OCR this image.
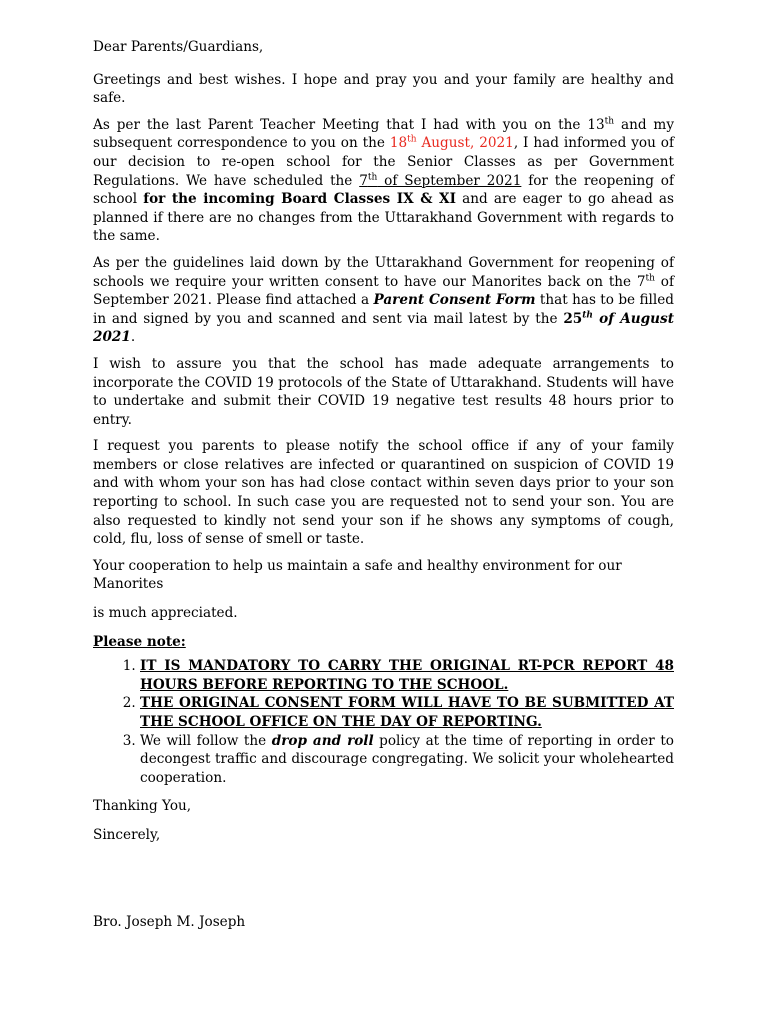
Dear Parents/Guardians,

Greetings and best wishes. I hope and pray you and your family are healthy and safe.

As per the last Parent Teacher Meeting that I had with you on the 13th and my subsequent correspondence to you on the 18th August, 2021, I had informed you of our decision to re-open school for the Senior Classes as per Government Regulations. We have scheduled the 7th of September 2021 for the reopening of school for the incoming Board Classes IX & XI and are eager to go ahead as planned if there are no changes from the Uttarakhand Government with regards to the same.

As per the guidelines laid down by the Uttarakhand Government for reopening of schools we require your written consent to have our Manorites back on the 7th of September 2021. Please find attached a Parent Consent Form that has to be filled in and signed by you and scanned and sent via mail latest by the 25th of August 2021.

I wish to assure you that the school has made adequate arrangements to incorporate the COVID 19 protocols of the State of Uttarakhand. Students will have to undertake and submit their COVID 19 negative test results 48 hours prior to entry.

I request you parents to please notify the school office if any of your family members or close relatives are infected or quarantined on suspicion of COVID 19 and with whom your son has had close contact within seven days prior to your son reporting to school. In such case you are requested not to send your son. You are also requested to kindly not send your son if he shows any symptoms of cough, cold, flu, loss of sense of smell or taste.

Your cooperation to help us maintain a safe and healthy environment for our Manorites

is much appreciated.

Please note:

1. IT IS MANDATORY TO CARRY THE ORIGINAL RT-PCR REPORT 48 HOURS BEFORE REPORTING TO THE SCHOOL.
2. THE ORIGINAL CONSENT FORM WILL HAVE TO BE SUBMITTED AT THE SCHOOL OFFICE ON THE DAY OF REPORTING.
3. We will follow the drop and roll policy at the time of reporting in order to decongest traffic and discourage congregating. We solicit your wholehearted cooperation.

Thanking You,

Sincerely,

Bro. Joseph M. Joseph
